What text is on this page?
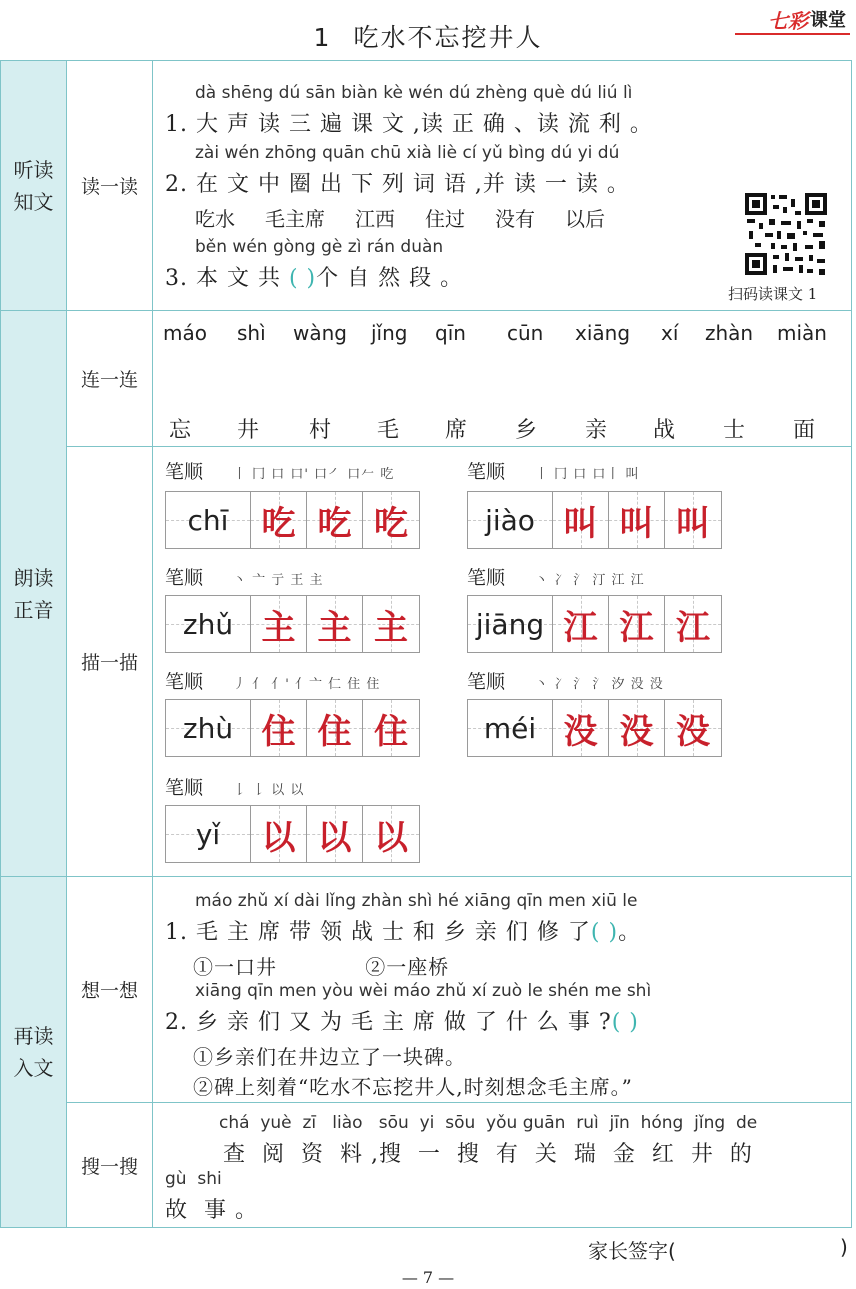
1 吃水不忘挖井人
七彩 课堂
听读
知文
读一读
dà shēng dú sān biàn kè wén dú zhèng què dú liú lì
1. 大 声 读 三 遍 课 文 ,读 正 确 、读 流 利 。
zài wén zhōng quān chū xià liè cí yǔ bìng dú yi dú
2. 在 文 中 圈 出 下 列 词 语 ,并 读 一 读 。
吃水 毛主席 江西 住过 没有 以后
běn wén gòng gè zì rán duàn
3. 本 文 共 ( )个 自 然 段 。
扫码读课文 1
朗读
正音
连一连
máo shì wàng jǐng qīn cūn xiāng xí zhàn miàn
忘 井 村 毛 席 乡 亲 战 士 面
描一描
笔顺 丨 冂 口 口' 口㇒ 口𠂉 吃
chī 吃 吃 吃
笔顺 丨 冂 口 口丨 叫
jiào 叫 叫 叫
笔顺 丶 亠 亍 王 主
zhǔ 主 主 主
笔顺 丶 冫 氵 汀 江 江
jiāng 江 江 江
笔顺 丿 亻 亻' 亻亠 仁 住 住
zhù 住 住 住
笔顺 丶 冫 氵 氵 汐 没 没
méi 没 没 没
笔顺 𠄌 𠄌 以 以
yǐ 以 以 以
再读
入文
想一想
máo zhǔ xí dài lǐng zhàn shì hé xiāng qīn men xiū le
1. 毛 主 席 带 领 战 士 和 乡 亲 们 修 了( )。
①一口井            ②一座桥
xiāng qīn men yòu wèi máo zhǔ xí zuò le shén me shì
2. 乡 亲 们 又 为 毛 主 席 做 了 什 么 事 ?( )
①乡亲们在井边立了一块碑。
②碑上刻着“吃水不忘挖井人,时刻想念毛主席。”
搜一搜
chá  yuè  zī   liào   sōu  yi  sōu  yǒu guān  ruì  jīn  hóng  jǐng  de
查  阅  资  料 ,搜  一  搜  有  关  瑞  金  红  井  的
gù  shi
故  事 。
家长签字(	)
— 7 —
